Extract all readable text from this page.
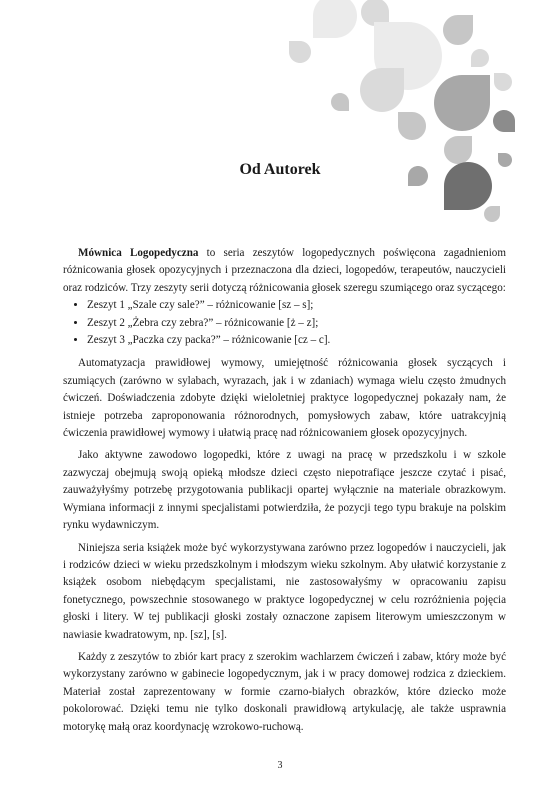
Od Autorek

Mównica Logopedyczna to seria zeszytów logopedycznych poświęcona zagadnieniom różnicowania głosek opozycyjnych i przeznaczona dla dzieci, logopedów, terapeutów, nauczycieli oraz rodziców. Trzy zeszyty serii dotyczą różnicowania głosek szeregu szumiącego oraz syczącego:

• Zeszyt 1 „Szale czy sale?” – różnicowanie [sz – s];
• Zeszyt 2 „Żebra czy zebra?” – różnicowanie [ż – z];
• Zeszyt 3 „Paczka czy packa?” – różnicowanie [cz – c].

Automatyzacja prawidłowej wymowy, umiejętność różnicowania głosek syczących i szumiących (zarówno w sylabach, wyrazach, jak i w zdaniach) wymaga wielu często żmudnych ćwiczeń. Doświadczenia zdobyte dzięki wieloletniej praktyce logopedycznej pokazały nam, że istnieje potrzeba zaproponowania różnorodnych, pomysłowych zabaw, które uatrakcyjnią ćwiczenia prawidłowej wymowy i ułatwią pracę nad różnicowaniem głosek opozycyjnych.

Jako aktywne zawodowo logopedki, które z uwagi na pracę w przedszkolu i w szkole zazwyczaj obejmują swoją opieką młodsze dzieci często niepotrafiące jeszcze czytać i pisać, zauważyłyśmy potrzebę przygotowania publikacji opartej wyłącznie na materiale obrazkowym. Wymiana informacji z innymi specjalistami potwierdziła, że pozycji tego typu brakuje na polskim rynku wydawniczym.

Niniejsza seria książek może być wykorzystywana zarówno przez logopedów i nauczycieli, jak i rodziców dzieci w wieku przedszkolnym i młodszym wieku szkolnym. Aby ułatwić korzystanie z książek osobom niebędącym specjalistami, nie zastosowałyśmy w opracowaniu zapisu fonetycznego, powszechnie stosowanego w praktyce logopedycznej w celu rozróżnienia pojęcia głoski i litery. W tej publikacji głoski zostały oznaczone zapisem literowym umieszczonym w nawiasie kwadratowym, np. [sz], [s].

Każdy z zeszytów to zbiór kart pracy z szerokim wachlarzem ćwiczeń i zabaw, który może być wykorzystany zarówno w gabinecie logopedycznym, jak i w pracy domowej rodzica z dzieckiem. Materiał został zaprezentowany w formie czarno-białych obrazków, które dziecko może pokolorować. Dzięki temu nie tylko doskonali prawidłową artykulację, ale także usprawnia motorykę małą oraz koordynację wzrokowo-ruchową.

3
